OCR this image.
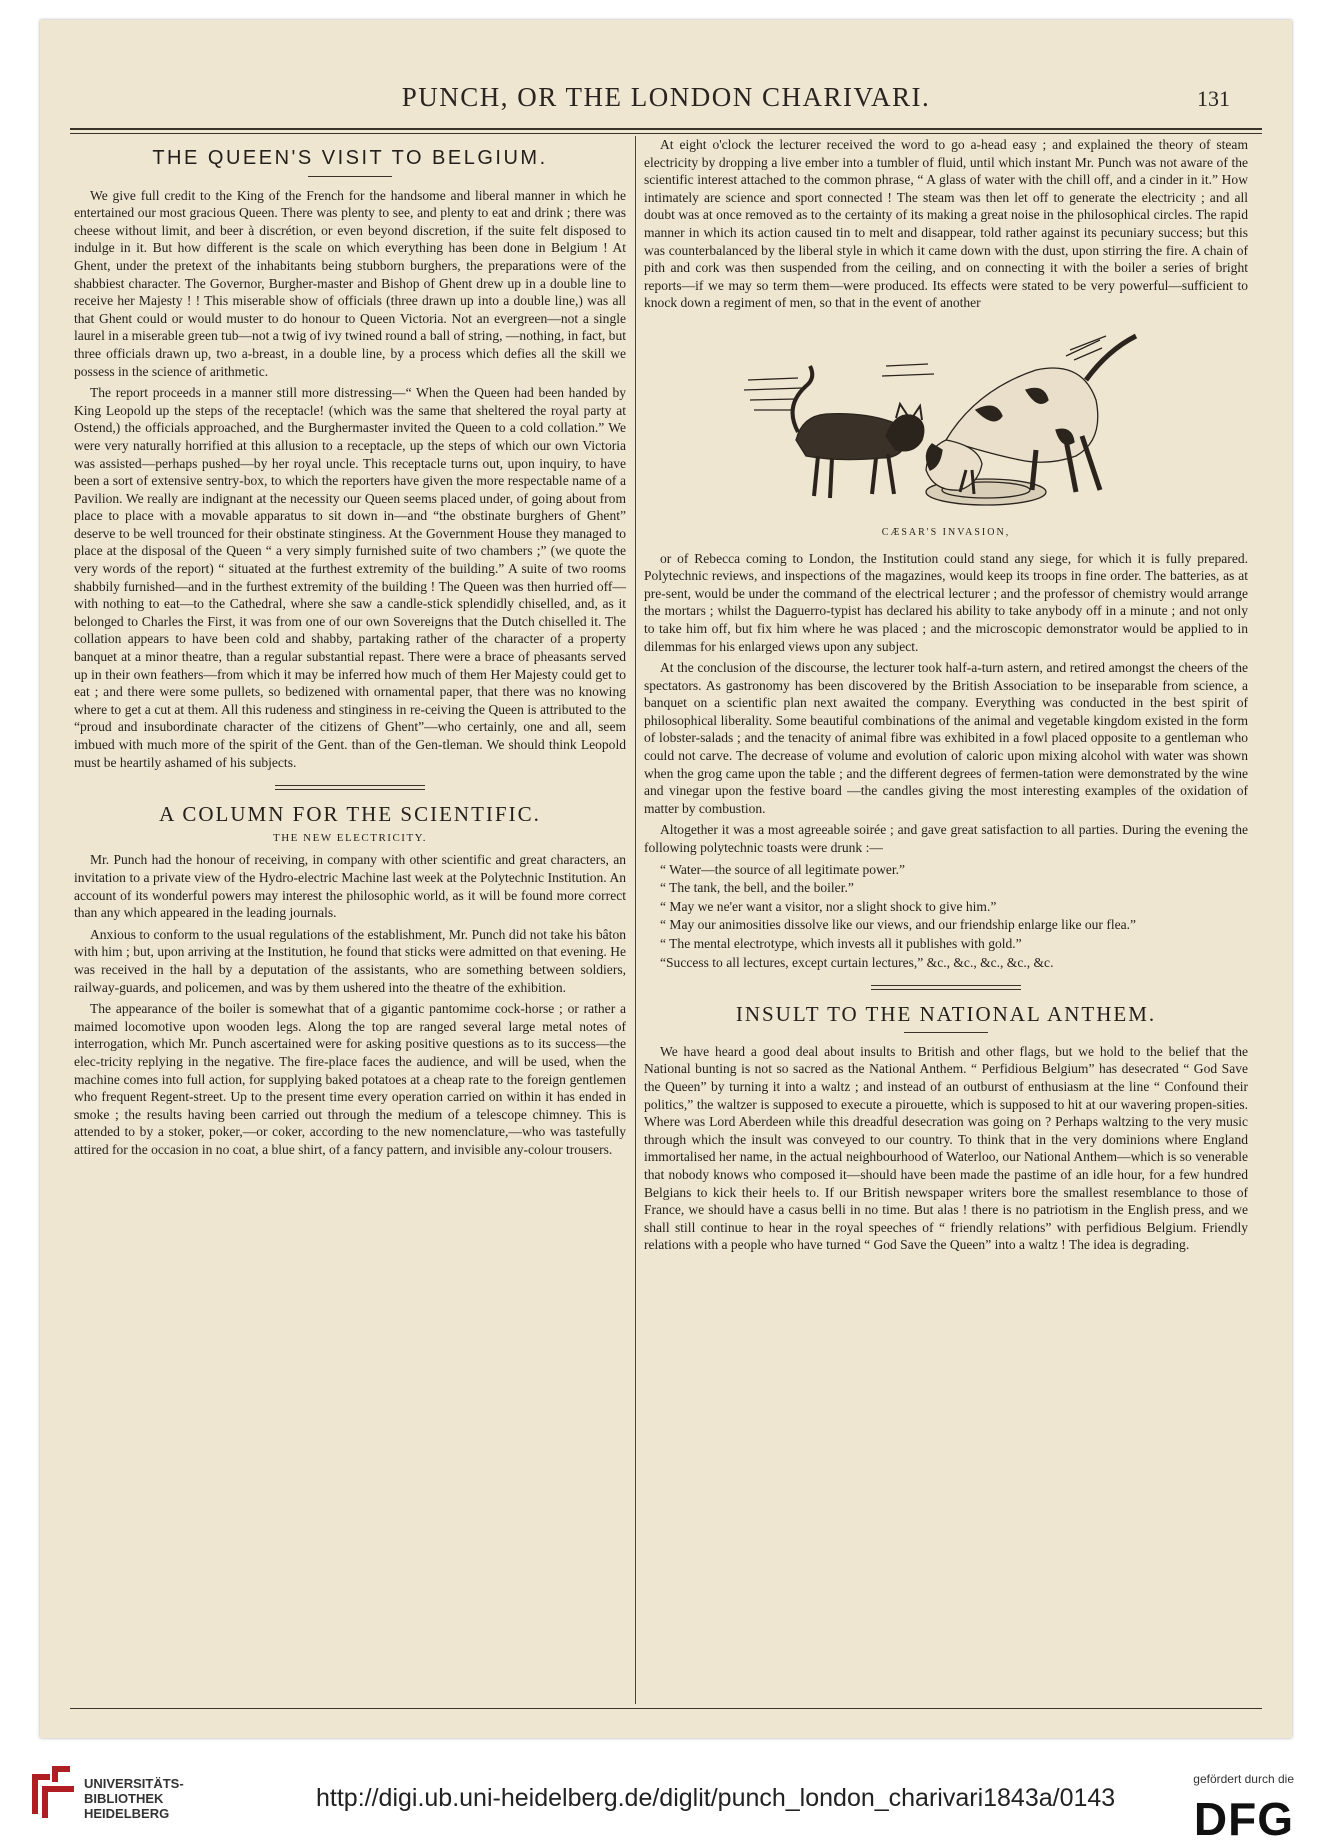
PUNCH, OR THE LONDON CHARIVARI.	131
THE QUEEN'S VISIT TO BELGIUM.

We give full credit to the King of the French for the handsome and liberal manner in which he entertained our most gracious Queen. There was plenty to see, and plenty to eat and drink ; there was cheese without limit, and beer à discrétion, or even beyond discretion, if the suite felt disposed to indulge in it. But how different is the scale on which everything has been done in Belgium ! At Ghent, under the pretext of the inhabitants being stubborn burghers, the preparations were of the shabbiest character. The Governor, Burgher-master and Bishop of Ghent drew up in a double line to receive her Majesty ! ! This miserable show of officials (three drawn up into a double line,) was all that Ghent could or would muster to do honour to Queen Victoria. Not an evergreen—not a single laurel in a miserable green tub—not a twig of ivy twined round a ball of string, —nothing, in fact, but three officials drawn up, two a-breast, in a double line, by a process which defies all the skill we possess in the science of arithmetic.

The report proceeds in a manner still more distressing—“ When the Queen had been handed by King Leopold up the steps of the receptacle! (which was the same that sheltered the royal party at Ostend,) the officials approached, and the Burghermaster invited the Queen to a cold collation.” We were very naturally horrified at this allusion to a receptacle, up the steps of which our own Victoria was assisted—perhaps pushed—by her royal uncle. This receptacle turns out, upon inquiry, to have been a sort of extensive sentry-box, to which the reporters have given the more respectable name of a Pavilion. We really are indignant at the necessity our Queen seems placed under, of going about from place to place with a movable apparatus to sit down in—and “the obstinate burghers of Ghent” deserve to be well trounced for their obstinate stinginess. At the Government House they managed to place at the disposal of the Queen “ a very simply furnished suite of two chambers ;” (we quote the very words of the report) “ situated at the furthest extremity of the building.” A suite of two rooms shabbily furnished—and in the furthest extremity of the building ! The Queen was then hurried off—with nothing to eat—to the Cathedral, where she saw a candle-stick splendidly chiselled, and, as it belonged to Charles the First, it was from one of our own Sovereigns that the Dutch chiselled it. The collation appears to have been cold and shabby, partaking rather of the character of a property banquet at a minor theatre, than a regular substantial repast. There were a brace of pheasants served up in their own feathers—from which it may be inferred how much of them Her Majesty could get to eat ; and there were some pullets, so bedizened with ornamental paper, that there was no knowing where to get a cut at them. All this rudeness and stinginess in re-ceiving the Queen is attributed to the “proud and insubordinate character of the citizens of Ghent”—who certainly, one and all, seem imbued with much more of the spirit of the Gent. than of the Gen-tleman. We should think Leopold must be heartily ashamed of his subjects.

A COLUMN FOR THE SCIENTIFIC.
THE NEW ELECTRICITY.

Mr. Punch had the honour of receiving, in company with other scientific and great characters, an invitation to a private view of the Hydro-electric Machine last week at the Polytechnic Institution. An account of its wonderful powers may interest the philosophic world, as it will be found more correct than any which appeared in the leading journals.

Anxious to conform to the usual regulations of the establishment, Mr. Punch did not take his bâton with him ; but, upon arriving at the Institution, he found that sticks were admitted on that evening. He was received in the hall by a deputation of the assistants, who are something between soldiers, railway-guards, and policemen, and was by them ushered into the theatre of the exhibition.

The appearance of the boiler is somewhat that of a gigantic pantomime cock-horse ; or rather a maimed locomotive upon wooden legs. Along the top are ranged several large metal notes of interrogation, which Mr. Punch ascertained were for asking positive questions as to its success—the elec-tricity replying in the negative. The fire-place faces the audience, and will be used, when the machine comes into full action, for supplying baked potatoes at a cheap rate to the foreign gentlemen who frequent Regent-street. Up to the present time every operation carried on within it has ended in smoke ; the results having been carried out through the medium of a telescope chimney. This is attended to by a stoker, poker,—or coker, according to the new nomenclature,—who was tastefully attired for the occasion in no coat, a blue shirt, of a fancy pattern, and invisible any-colour trousers.

At eight o'clock the lecturer received the word to go a-head easy ; and explained the theory of steam electricity by dropping a live ember into a tumbler of fluid, until which instant Mr. Punch was not aware of the scientific interest attached to the common phrase, “ A glass of water with the chill off, and a cinder in it.” How intimately are science and sport connected ! The steam was then let off to generate the electricity ; and all doubt was at once removed as to the certainty of its making a great noise in the philosophical circles. The rapid manner in which its action caused tin to melt and disappear, told rather against its pecuniary success; but this was counterbalanced by the liberal style in which it came down with the dust, upon stirring the fire. A chain of pith and cork was then suspended from the ceiling, and on connecting it with the boiler a series of bright reports—if we may so term them—were produced. Its effects were stated to be very powerful—sufficient to knock down a regiment of men, so that in the event of another

CÆSAR'S INVASION,

or of Rebecca coming to London, the Institution could stand any siege, for which it is fully prepared. Polytechnic reviews, and inspections of the magazines, would keep its troops in fine order. The batteries, as at pre-sent, would be under the command of the electrical lecturer ; and the professor of chemistry would arrange the mortars ; whilst the Daguerro-typist has declared his ability to take anybody off in a minute ; and not only to take him off, but fix him where he was placed ; and the microscopic demonstrator would be applied to in dilemmas for his enlarged views upon any subject.

At the conclusion of the discourse, the lecturer took half-a-turn astern, and retired amongst the cheers of the spectators. As gastronomy has been discovered by the British Association to be inseparable from science, a banquet on a scientific plan next awaited the company. Everything was conducted in the best spirit of philosophical liberality. Some beautiful combinations of the animal and vegetable kingdom existed in the form of lobster-salads ; and the tenacity of animal fibre was exhibited in a fowl placed opposite to a gentleman who could not carve. The decrease of volume and evolution of caloric upon mixing alcohol with water was shown when the grog came upon the table ; and the different degrees of fermen-tation were demonstrated by the wine and vinegar upon the festive board —the candles giving the most interesting examples of the oxidation of matter by combustion.

Altogether it was a most agreeable soirée ; and gave great satisfaction to all parties. During the evening the following polytechnic toasts were drunk :—

“ Water—the source of all legitimate power.”

“ The tank, the bell, and the boiler.”

“ May we ne'er want a visitor, nor a slight shock to give him.”

“ May our animosities dissolve like our views, and our friendship enlarge like our flea.”

“ The mental electrotype, which invests all it publishes with gold.”

“Success to all lectures, except curtain lectures,” &c., &c., &c., &c., &c.

INSULT TO THE NATIONAL ANTHEM.

We have heard a good deal about insults to British and other flags, but we hold to the belief that the National bunting is not so sacred as the National Anthem. “ Perfidious Belgium” has desecrated “ God Save the Queen” by turning it into a waltz ; and instead of an outburst of enthusiasm at the line “ Confound their politics,” the waltzer is supposed to execute a pirouette, which is supposed to hit at our wavering propen-sities. Where was Lord Aberdeen while this dreadful desecration was going on ? Perhaps waltzing to the very music through which the insult was conveyed to our country. To think that in the very dominions where England immortalised her name, in the actual neighbourhood of Waterloo, our National Anthem—which is so venerable that nobody knows who composed it—should have been made the pastime of an idle hour, for a few hundred Belgians to kick their heels to. If our British newspaper writers bore the smallest resemblance to those of France, we should have a casus belli in no time. But alas ! there is no patriotism in the English press, and we shall still continue to hear in the royal speeches of “ friendly relations” with perfidious Belgium. Friendly relations with a people who have turned “ God Save the Queen” into a waltz ! The idea is degrading.

UNIVERSITÄTS-
BIBLIOTHEK
HEIDELBERG
http://digi.ub.uni-heidelberg.de/diglit/punch_london_charivari1843a/0143
gefördert durch die
DFG
